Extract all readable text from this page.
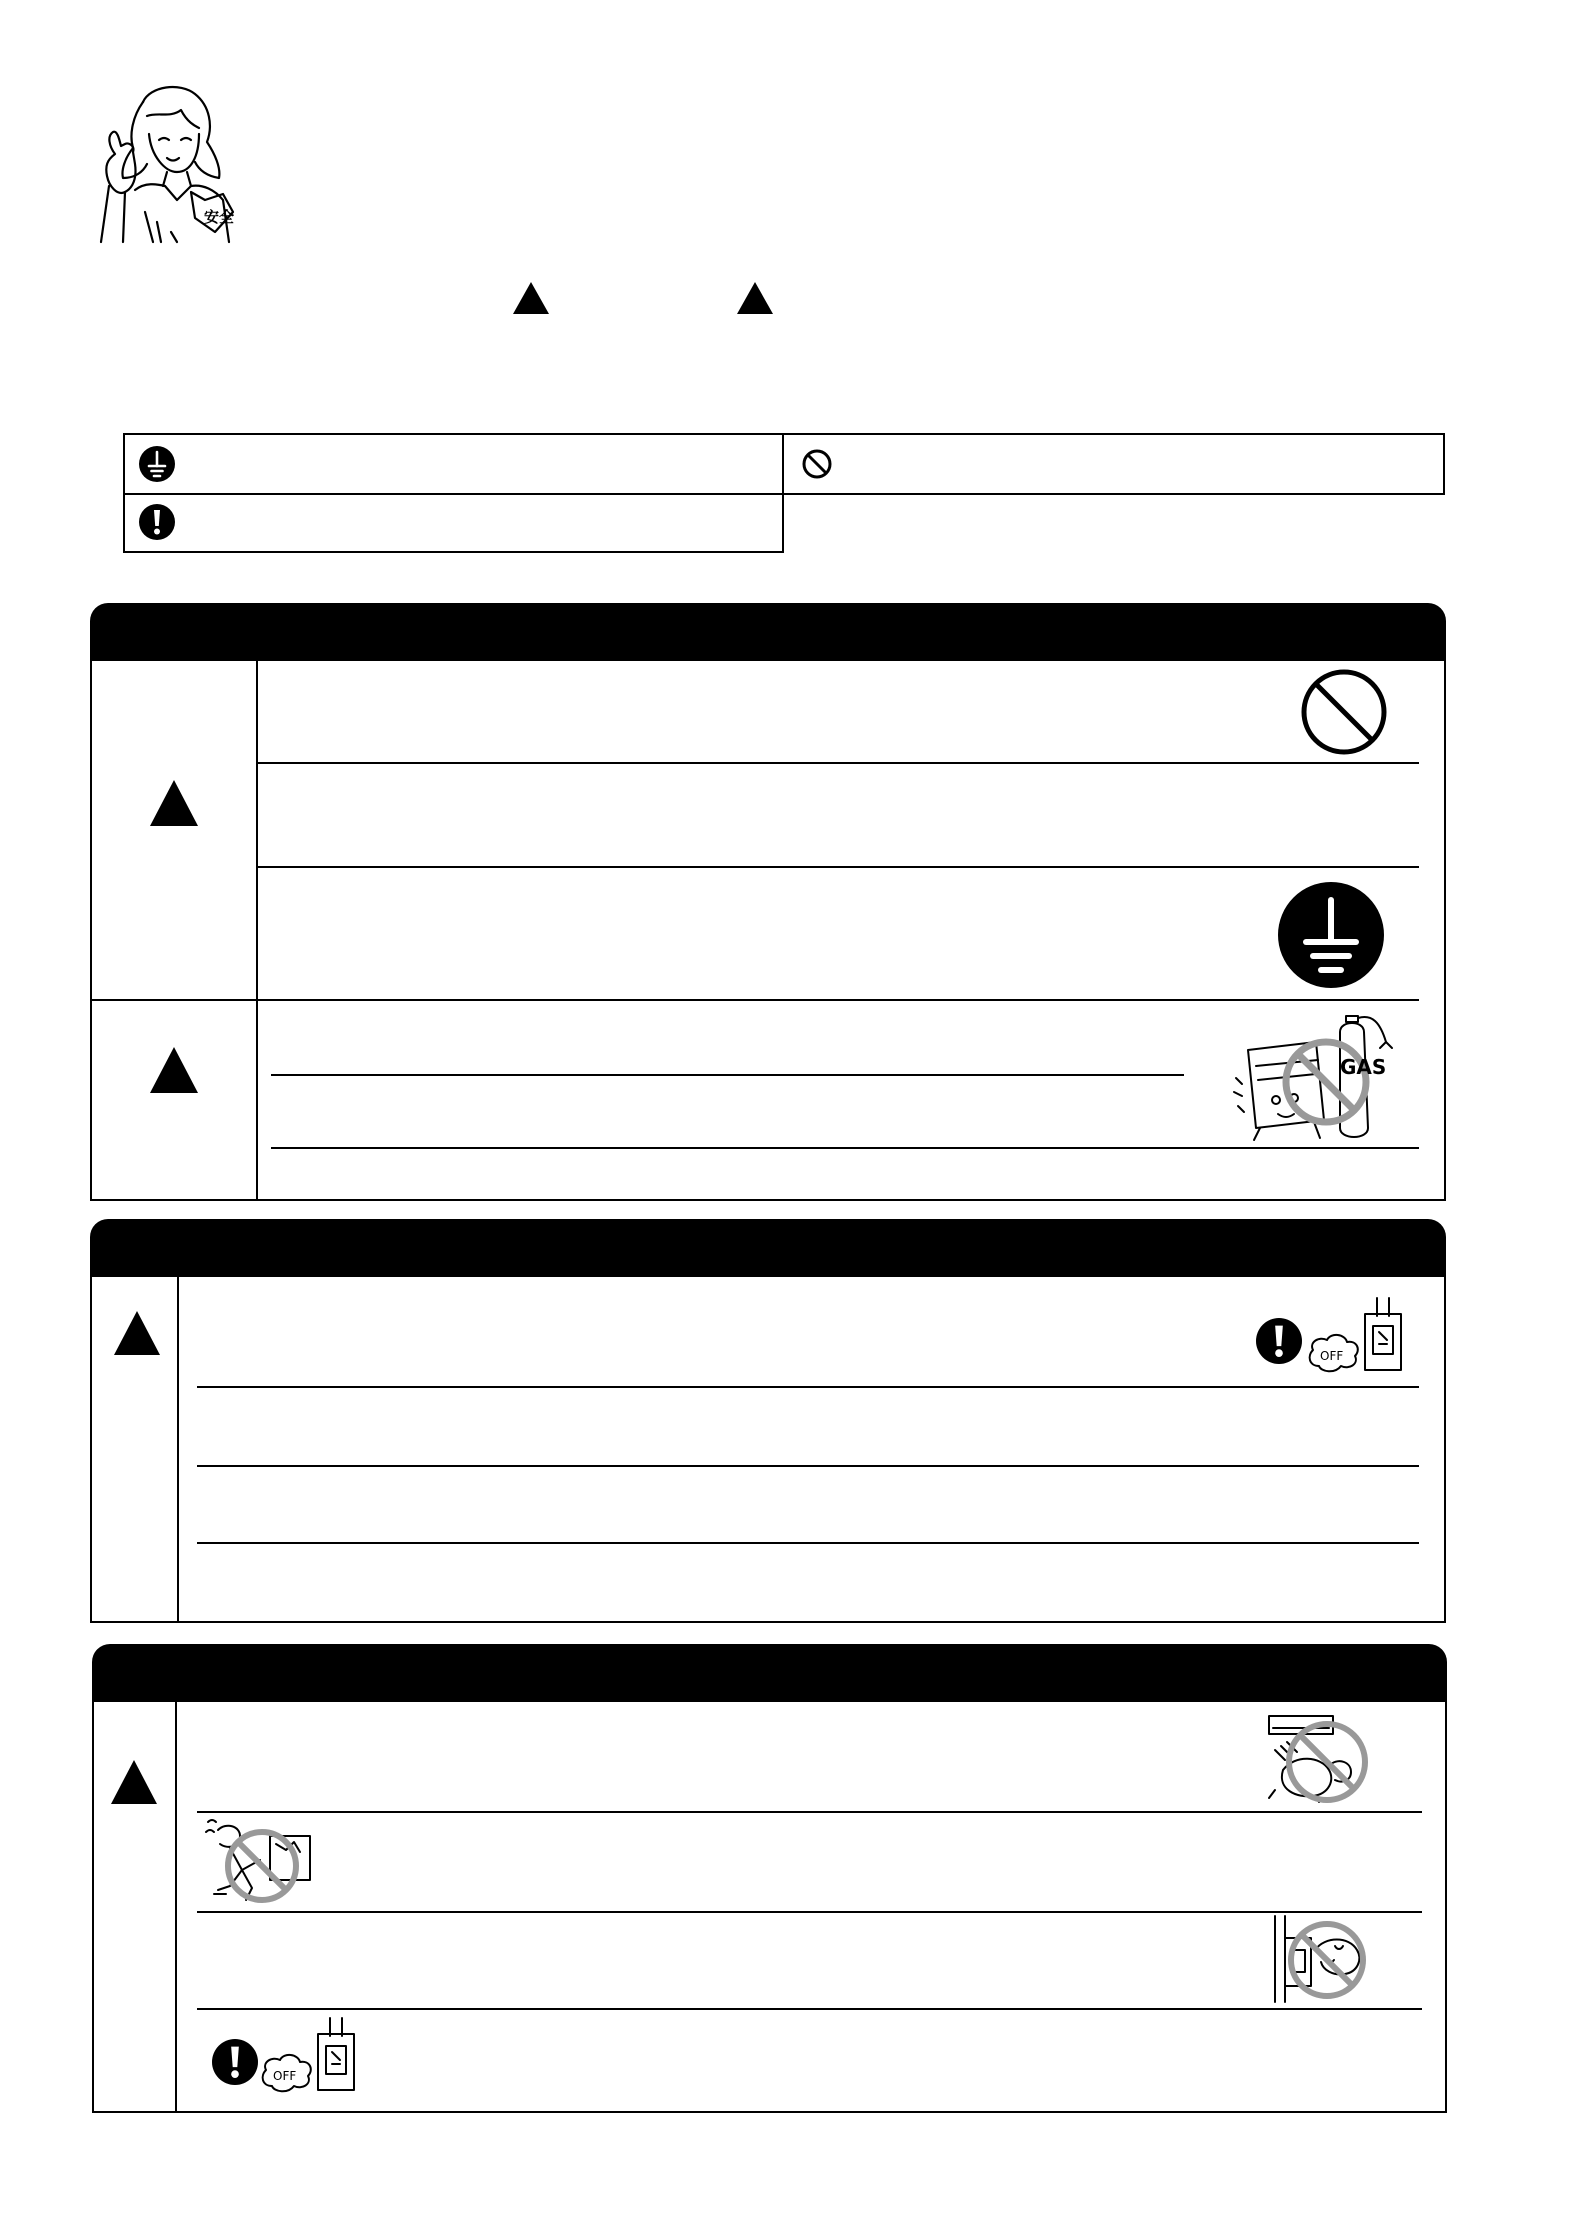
安全
GAS
OFF
OFF
